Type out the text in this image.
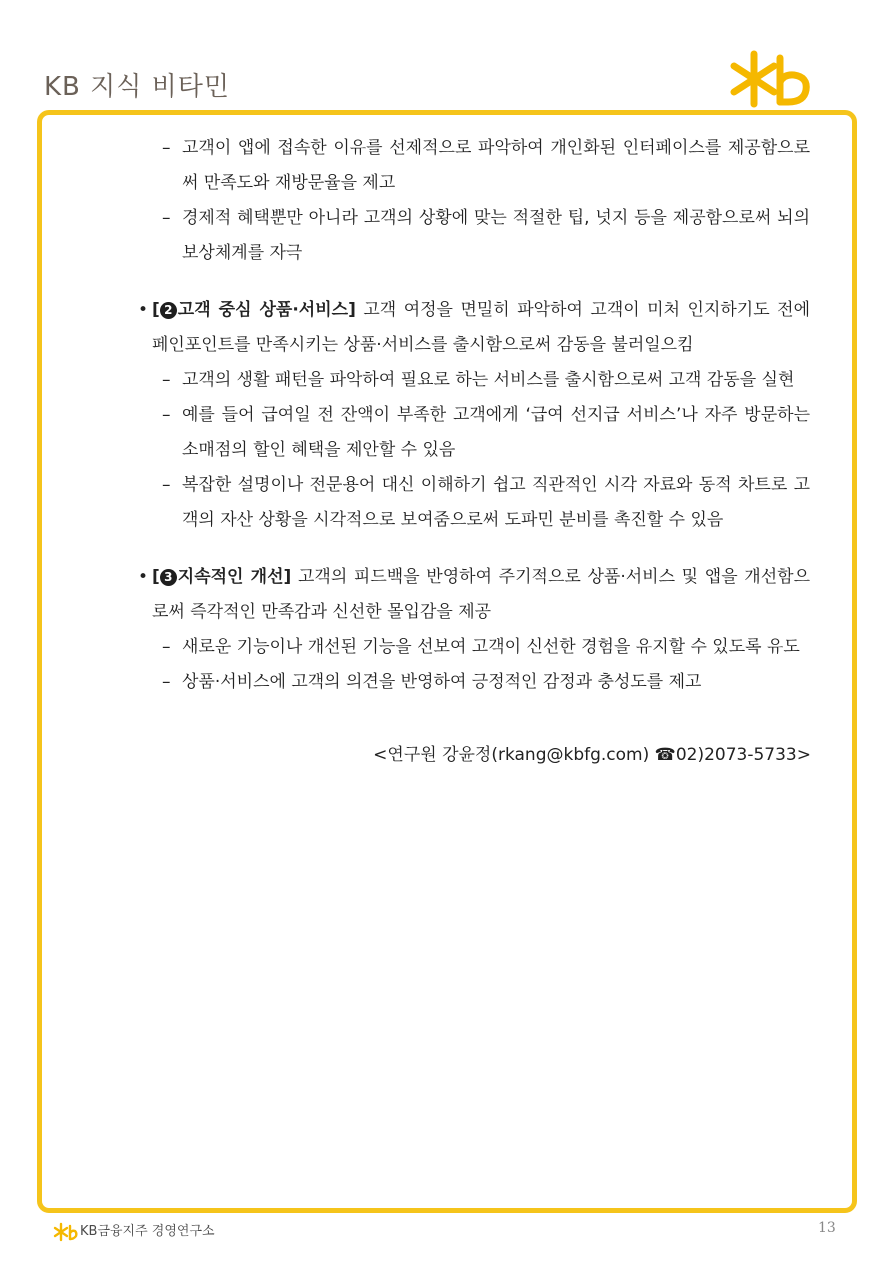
KB 지식 비타민
– 고객이 앱에 접속한 이유를 선제적으로 파악하여 개인화된 인터페이스를 제공함으로써 만족도와 재방문율을 제고
– 경제적 혜택뿐만 아니라 고객의 상황에 맞는 적절한 팁, 넛지 등을 제공함으로써 뇌의 보상체계를 자극
• [ 2 고객 중심 상품·서비스] 고객 여정을 면밀히 파악하여 고객이 미처 인지하기도 전에 페인포인트를 만족시키는 상품·서비스를 출시함으로써 감동을 불러일으킴
– 고객의 생활 패턴을 파악하여 필요로 하는 서비스를 출시함으로써 고객 감동을 실현
– 예를 들어 급여일 전 잔액이 부족한 고객에게 ‘급여 선지급 서비스’나 자주 방문하는 소매점의 할인 혜택을 제안할 수 있음
– 복잡한 설명이나 전문용어 대신 이해하기 쉽고 직관적인 시각 자료와 동적 차트로 고객의 자산 상황을 시각적으로 보여줌으로써 도파민 분비를 촉진할 수 있음
• [ 3 지속적인 개선] 고객의 피드백을 반영하여 주기적으로 상품·서비스 및 앱을 개선함으로써 즉각적인 만족감과 신선한 몰입감을 제공
– 새로운 기능이나 개선된 기능을 선보여 고객이 신선한 경험을 유지할 수 있도록 유도
– 상품·서비스에 고객의 의견을 반영하여 긍정적인 감정과 충성도를 제고
<연구원 강윤정(rkang@kbfg.com) ☎02)2073-5733>
KB금융지주 경영연구소	13
